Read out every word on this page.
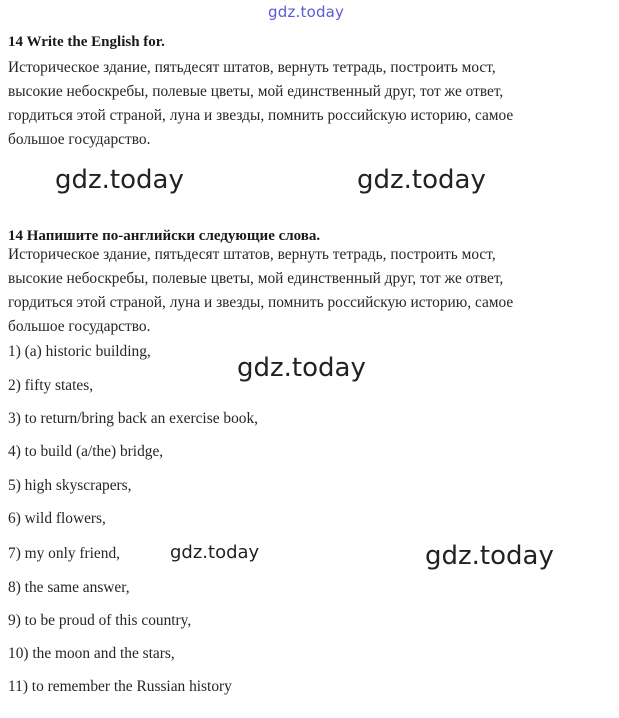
gdz.today
14 Write the English for.
Историческое здание, пятьдесят штатов, вернуть тетрадь, построить мост,
высокие небоскребы, полевые цветы, мой единственный друг, тот же ответ,
гордиться этой страной, луна и звезды, помнить российскую историю, самое
большое государство.
gdz.today	gdz.today
14 Напишите по-английски следующие слова.
Историческое здание, пятьдесят штатов, вернуть тетрадь, построить мост,
высокие небоскребы, полевые цветы, мой единственный друг, тот же ответ,
гордиться этой страной, луна и звезды, помнить российскую историю, самое
большое государство.
1) (a) historic building,
2) fifty states,
3) to return/bring back an exercise book,
4) to build (a/the) bridge,
5) high skyscrapers,
6) wild flowers,
7) my only friend,
8) the same answer,
9) to be proud of this country,
10) the moon and the stars,
11) to remember the Russian history
gdz.today
gdz.today	gdz.today
